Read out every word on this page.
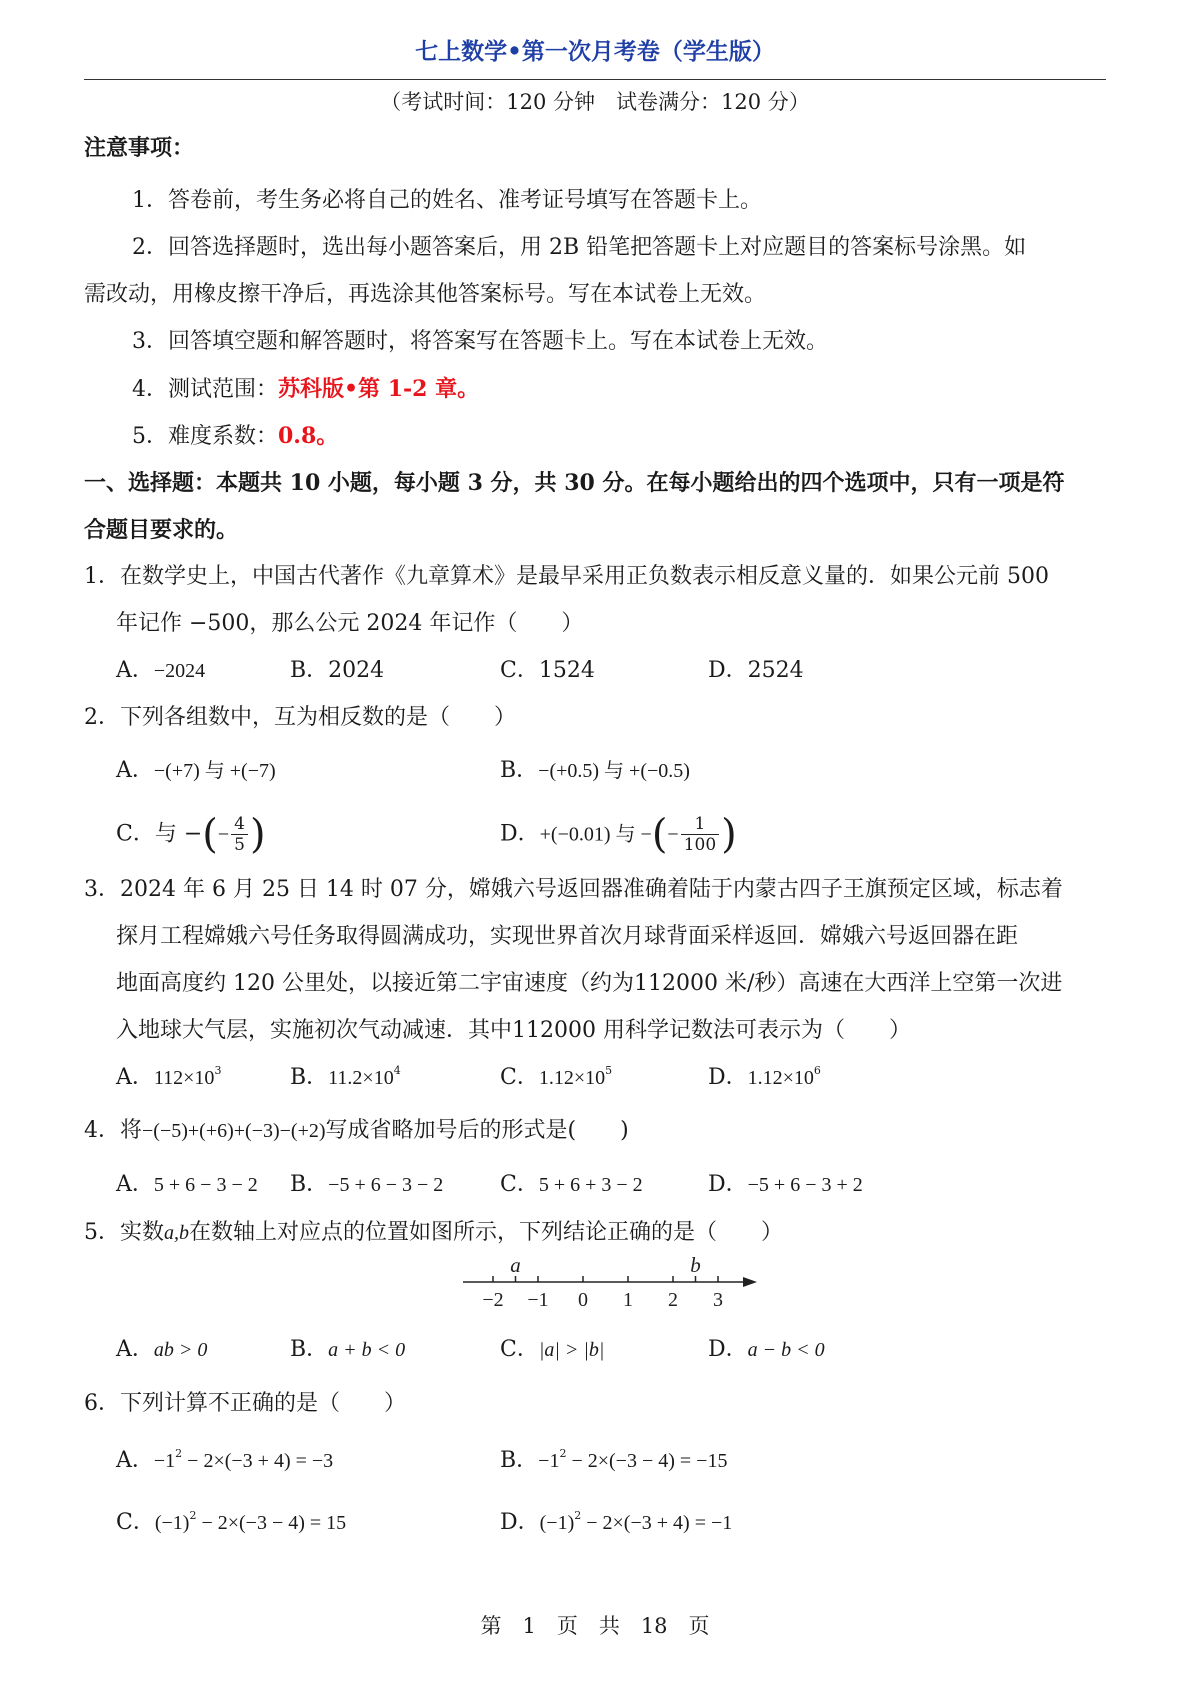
七上数学•第一次月考卷（学生版）
（考试时间：120 分钟　试卷满分：120 分）
注意事项：
1．答卷前，考生务必将自己的姓名、准考证号填写在答题卡上。
2．回答选择题时，选出每小题答案后，用 2B 铅笔把答题卡上对应题目的答案标号涂黑。如
需改动，用橡皮擦干净后，再选涂其他答案标号。写在本试卷上无效。
3．回答填空题和解答题时，将答案写在答题卡上。写在本试卷上无效。
4．测试范围：苏科版•第 1-2 章。
5．难度系数：0.8。
一、选择题：本题共 10 小题，每小题 3 分，共 30 分。在每小题给出的四个选项中，只有一项是符
合题目要求的。
1．在数学史上，中国古代著作《九章算术》是最早采用正负数表示相反意义量的．如果公元前 500
年记作 −500，那么公元 2024 年记作（　　）
A．−2024	B．2024	C．1524	D．2524
2．下列各组数中，互为相反数的是（　　）
A．−(+7) 与 +(−7)	B．−(+0.5) 与 +(−0.5)
C．与 −(− $\frac{4}{5}$ )	D．+(−0.01) 与 −(− $\frac{1}{100}$ )
3．2024 年 6 月 25 日 14 时 07 分，嫦娥六号返回器准确着陆于内蒙古四子王旗预定区域，标志着
探月工程嫦娥六号任务取得圆满成功，实现世界首次月球背面采样返回．嫦娥六号返回器在距
地面高度约 120 公里处，以接近第二宇宙速度（约为112000 米/秒）高速在大西洋上空第一次进
入地球大气层，实施初次气动减速．其中112000 用科学记数法可表示为（　　）
A．$112\times 10^3$	B．$11.2\times 10^4$	C．$1.12\times 10^5$	D．$1.12\times 10^6$
4．将−(−5)+(+6)+(−3)−(+2)写成省略加号后的形式是(　　)
A．5 + 6 − 3 − 2 B．−5 + 6 − 3 − 2	C．5 + 6 + 3 − 2	D．−5 + 6 − 3 + 2
5．实数a,b在数轴上对应点的位置如图所示，下列结论正确的是（　　）
−2 −1 0 1 2 3
a	b
A．ab > 0	B．a + b < 0	C．|a| > |b|	D．a − b < 0
6．下列计算不正确的是（　　）
A．$-1^2 - 2\times(-3 + 4) = -3$	B．$-1^2 - 2\times(-3 - 4) = -15$
C．$(-1)^2 - 2\times(-3 - 4) = 15$	D．$(-1)^2 - 2\times(-3 + 4) = -1$
第　1　页　共　18　页
